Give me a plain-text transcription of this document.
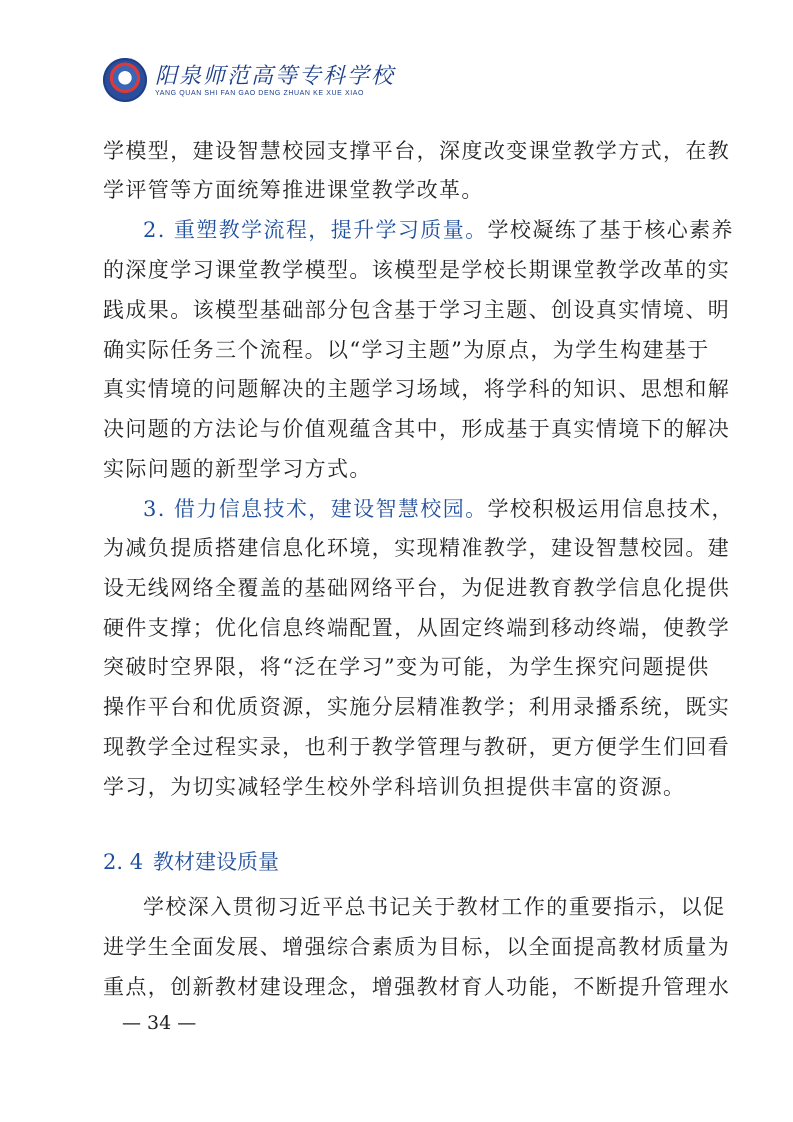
阳泉师范高等专科学校
YANG QUAN SHI FAN GAO DENG ZHUAN KE XUE XIAO
学模型，建设智慧校园支撑平台，深度改变课堂教学方式，在教
学评管等方面统筹推进课堂教学改革。
2. 重塑教学流程，提升学习质量。学校凝练了基于核心素养
的深度学习课堂教学模型。该模型是学校长期课堂教学改革的实
践成果。该模型基础部分包含基于学习主题、创设真实情境、明
确实际任务三个流程。以“学习主题”为原点，为学生构建基于
真实情境的问题解决的主题学习场域，将学科的知识、思想和解
决问题的方法论与价值观蕴含其中，形成基于真实情境下的解决
实际问题的新型学习方式。
3. 借力信息技术，建设智慧校园。学校积极运用信息技术，
为减负提质搭建信息化环境，实现精准教学，建设智慧校园。建
设无线网络全覆盖的基础网络平台，为促进教育教学信息化提供
硬件支撑；优化信息终端配置，从固定终端到移动终端，使教学
突破时空界限，将“泛在学习”变为可能，为学生探究问题提供
操作平台和优质资源，实施分层精准教学；利用录播系统，既实
现教学全过程实录，也利于教学管理与教研，更方便学生们回看
学习，为切实减轻学生校外学科培训负担提供丰富的资源。
2. 4 教材建设质量
学校深入贯彻习近平总书记关于教材工作的重要指示，以促
进学生全面发展、增强综合素质为目标，以全面提高教材质量为
重点，创新教材建设理念，增强教材育人功能，不断提升管理水
— 34 —
